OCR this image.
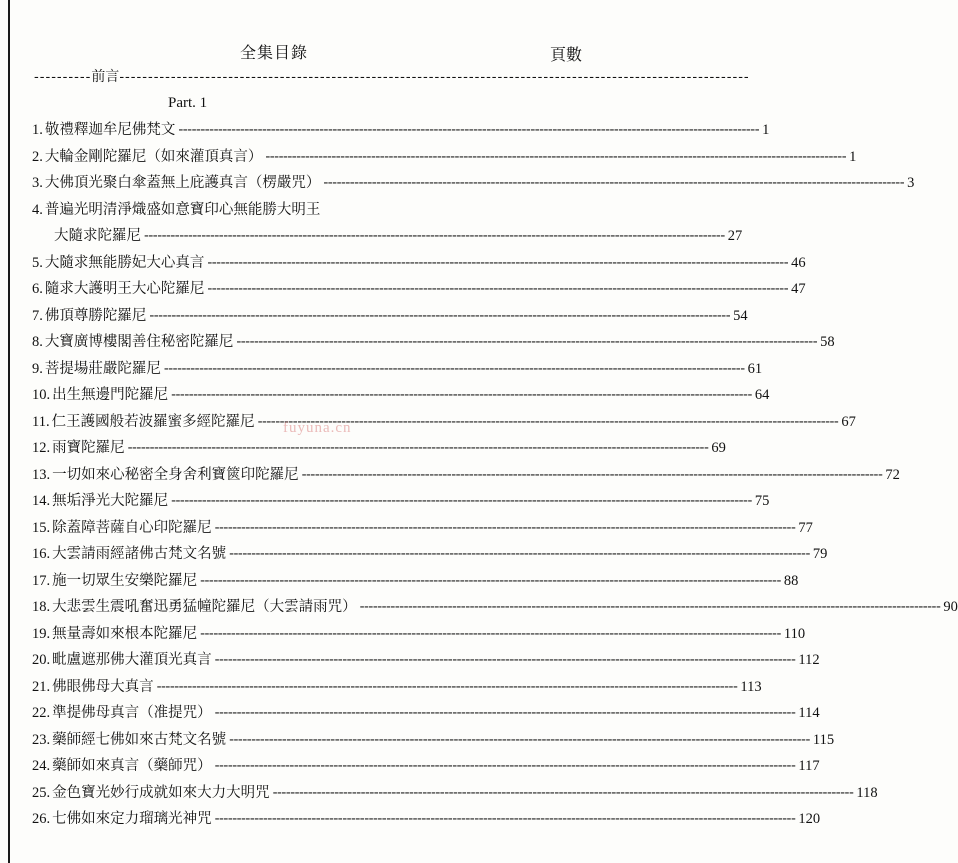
全集目錄	頁數
----------前言--------------------------------------------------------------------------------------------------------------
Part. 1
1. 敬禮釋迦牟尼佛梵文 -----	1
2. 大輪金剛陀羅尼（如來灌頂真言） -----	1
3. 大佛頂光聚白傘蓋無上庇護真言（楞嚴咒） -----	3
4. 普遍光明清淨熾盛如意寶印心無能勝大明王
大隨求陀羅尼 -----	27
5. 大隨求無能勝妃大心真言 -----	46
6. 隨求大護明王大心陀羅尼 -----	47
7. 佛頂尊勝陀羅尼 -----	54
8. 大寶廣博樓閣善住秘密陀羅尼 -----	58
9. 菩提場莊嚴陀羅尼 -----	61
10. 出生無邊門陀羅尼 -----	64
11. 仁王護國般若波羅蜜多經陀羅尼 -----	67
12. 雨寶陀羅尼 -----	69
13. 一切如來心秘密全身舍利寶篋印陀羅尼 -----	72
14. 無垢淨光大陀羅尼 -----	75
15. 除蓋障菩薩自心印陀羅尼 -----	77
16. 大雲請雨經諸佛古梵文名號 -----	79
17. 施一切眾生安樂陀羅尼 -----	88
18. 大悲雲生震吼奮迅勇猛幢陀羅尼（大雲請雨咒） -----	90
19. 無量壽如來根本陀羅尼 -----	110
20. 毗盧遮那佛大灌頂光真言 -----	112
21. 佛眼佛母大真言 -----	113
22. 準提佛母真言（准提咒） -----	114
23. 藥師經七佛如來古梵文名號 -----	115
24. 藥師如來真言（藥師咒） -----	117
25. 金色寶光妙行成就如來大力大明咒 -----	118
26. 七佛如來定力瑠璃光神咒 -----	120
fuyuna.cn
